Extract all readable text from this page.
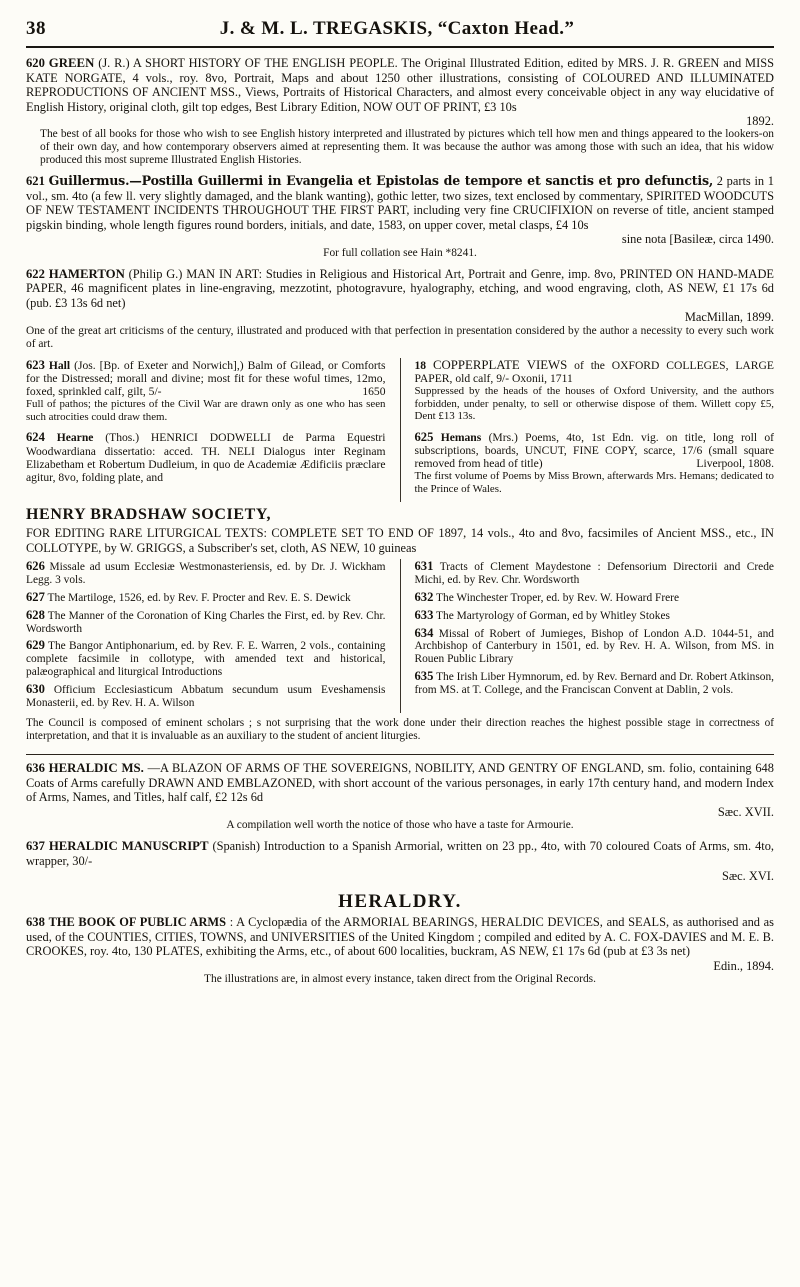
38	J. & M. L. TREGASKIS, “Caxton Head.”

620 GREEN (J. R.) A SHORT HISTORY OF THE ENGLISH PEOPLE. The Original Illustrated Edition, edited by MRS. J. R. GREEN and MISS KATE NORGATE, 4 vols., roy. 8vo, Portrait, Maps and about 1250 other illustrations, consisting of COLOURED AND ILLUMINATED REPRODUCTIONS OF ANCIENT MSS., Views, Portraits of Historical Characters, and almost every conceivable object in any way elucidative of English History, original cloth, gilt top edges, Best Library Edition, NOW OUT OF PRINT, £3 10s
1892.

The best of all books for those who wish to see English history interpreted and illustrated by pictures which tell how men and things appeared to the lookers-on of their own day, and how contemporary observers aimed at representing them. It was because the author was among those with such an idea, that his widow produced this most supreme Illustrated English Histories.

621 Guillermus.—Postilla Guillermi in Evangelia et Epistolas de tempore et sanctis et pro defunctis, 2 parts in 1 vol., sm. 4to (a few ll. very slightly damaged, and the blank wanting), gothic letter, two sizes, text enclosed by commentary, SPIRITED WOODCUTS OF NEW TESTAMENT INCIDENTS THROUGHOUT THE FIRST PART, including very fine CRUCIFIXION on reverse of title, ancient stamped pigskin binding, whole length figures round borders, initials, and date, 1583, on upper cover, metal clasps, £4 10s
sine nota [Basileæ, circa 1490.

For full collation see Hain *8241.

622 HAMERTON (Philip G.) MAN IN ART: Studies in Religious and Historical Art, Portrait and Genre, imp. 8vo, PRINTED ON HAND-MADE PAPER, 46 magnificent plates in line-engraving, mezzotint, photogravure, hyalography, etching, and wood engraving, cloth, AS NEW, £1 17s 6d (pub. £3 13s 6d net)
MacMillan, 1899.

One of the great art criticisms of the century, illustrated and produced with that perfection in presentation considered by the author a necessity to every such work of art.

623 Hall (Jos. [Bp. of Exeter and Norwich],) Balm of Gilead, or Comforts for the Distressed; morall and divine; most fit for these woful times, 12mo, foxed, sprinkled calf, gilt, 5/-	1650

Full of pathos; the pictures of the Civil War are drawn only as one who has seen such atrocities could draw them.

624 Hearne (Thos.) HENRICI DODWELLI de Parma Equestri Woodwardiana dissertatio: acced. TH. NELI Dialogus inter Reginam Elizabetham et Robertum Dudleium, in quo de Academiæ Ædificiis præclare agitur, 8vo, folding plate, and

18 COPPERPLATE VIEWS of the OXFORD COLLEGES, LARGE PAPER, old calf, 9/- Oxonii, 1711

Suppressed by the heads of the houses of Oxford University, and the authors forbidden, under penalty, to sell or otherwise dispose of them. Willett copy £5, Dent £13 13s.

625 Hemans (Mrs.) Poems, 4to, 1st Edn. vig. on title, long roll of subscriptions, boards, UNCUT, FINE COPY, scarce, 17/6 (small square removed from head of title)	Liverpool, 1808.

The first volume of Poems by Miss Brown, afterwards Mrs. Hemans; dedicated to the Prince of Wales.

HENRY BRADSHAW SOCIETY,
FOR EDITING RARE LITURGICAL TEXTS: COMPLETE SET TO END OF 1897, 14 vols., 4to and 8vo, facsimiles of Ancient MSS., etc., IN COLLOTYPE, by W. GRIGGS, a Subscriber's set, cloth, AS NEW, 10 guineas

626 Missale ad usum Ecclesiæ Westmonasteriensis, ed. by Dr. J. Wickham Legg. 3 vols.

627 The Martiloge, 1526, ed. by Rev. F. Procter and Rev. E. S. Dewick

628 The Manner of the Coronation of King Charles the First, ed. by Rev. Chr. Wordsworth

629 The Bangor Antiphonarium, ed. by Rev. F. E. Warren, 2 vols., containing complete facsimile in collotype, with amended text and historical, palæographical and liturgical Introductions

630 Officium Ecclesiasticum Abbatum secundum usum Eveshamensis Monasterii, ed. by Rev. H. A. Wilson

631 Tracts of Clement Maydestone : Defensorium Directorii and Crede Michi, ed. by Rev. Chr. Wordsworth

632 The Winchester Troper, ed. by Rev. W. Howard Frere

633 The Martyrology of Gorman, ed by Whitley Stokes

634 Missal of Robert of Jumieges, Bishop of London A.D. 1044-51, and Archbishop of Canterbury in 1501, ed. by Rev. H. A. Wilson, from MS. in Rouen Public Library

635 The Irish Liber Hymnorum, ed. by Rev. Bernard and Dr. Robert Atkinson, from MS. at T. College, and the Franciscan Convent at Dablin, 2 vols.

The Council is composed of eminent scholars ; s not surprising that the work done under their direction reaches the highest possible stage in correctness of interpretation, and that it is invaluable as an auxiliary to the student of ancient liturgies.

636 HERALDIC MS. —A BLAZON OF ARMS OF THE SOVEREIGNS, NOBILITY, AND GENTRY OF ENGLAND, sm. folio, containing 648 Coats of Arms carefully DRAWN AND EMBLAZONED, with short account of the various personages, in early 17th century hand, and modern Index of Arms, Names, and Titles, half calf, £2 12s 6d
Sæc. XVII.

A compilation well worth the notice of those who have a taste for Armourie.

637 HERALDIC MANUSCRIPT (Spanish) Introduction to a Spanish Armorial, written on 23 pp., 4to, with 70 coloured Coats of Arms, sm. 4to, wrapper, 30/-
Sæc. XVI.

HERALDRY.

638 THE BOOK OF PUBLIC ARMS : A Cyclopædia of the ARMORIAL BEARINGS, HERALDIC DEVICES, and SEALS, as authorised and as used, of the COUNTIES, CITIES, TOWNS, and UNIVERSITIES of the United Kingdom ; compiled and edited by A. C. FOX-DAVIES and M. E. B. CROOKES, roy. 4to, 130 PLATES, exhibiting the Arms, etc., of about 600 localities, buckram, AS NEW, £1 17s 6d (pub at £3 3s net)
Edin., 1894.

The illustrations are, in almost every instance, taken direct from the Original Records.
